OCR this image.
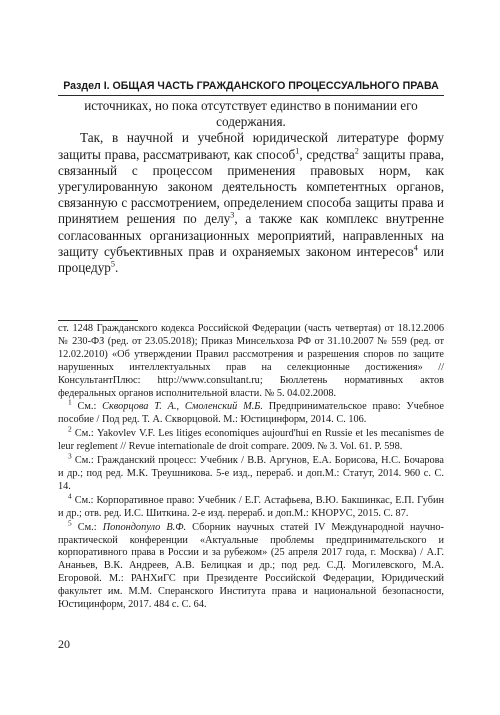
Раздел I. ОБЩАЯ ЧАСТЬ ГРАЖДАНСКОГО ПРОЦЕССУАЛЬНОГО ПРАВА

источниках, но пока отсутствует единство в понимании его содержания.

Так, в научной и учебной юридической литературе форму защиты права, рассматривают, как способ$^1$, средства$^2$ защиты права, связанный с процессом применения правовых норм, как урегулированную законом деятельность компетентных органов, связанную с рассмотрением, определением способа защиты права и принятием решения по делу$^3$, а также как комплекс внутренне согласованных организационных мероприятий, направленных на защиту субъективных прав и охраняемых законом интересов$^4$ или процедур$^5$.

ст. 1248 Гражданского кодекса Российской Федерации (часть четвертая) от 18.12.2006 № 230-ФЗ (ред. от 23.05.2018); Приказ Минсельхоза РФ от 31.10.2007 № 559 (ред. от 12.02.2010) «Об утверждении Правил рассмотрения и разрешения споров по защите нарушенных интеллектуальных прав на селекционные достижения» // КонсультантПлюс: http://www.consultant.ru; Бюллетень нормативных актов федеральных органов исполнительной власти. № 5. 04.02.2008.

$^1$ См.: Скворцова Т. А., Смоленский М.Б. Предпринимательское право: Учебное пособие / Под ред. Т. А. Скворцовой. М.: Юстицинформ, 2014. С. 106.

$^2$ См.: Yakovlev V.F. Les litiges economiques aujourd'hui en Russie et les mecanismes de leur reglement // Revue internationale de droit compare. 2009. № 3. Vol. 61. P. 598.

$^3$ См.: Гражданский процесс: Учебник / В.В. Аргунов, Е.А. Борисова, Н.С. Бочарова и др.; под ред. М.К. Треушникова. 5-е изд., перераб. и доп.М.: Статут, 2014. 960 с. С. 14.

$^4$ См.: Корпоративное право: Учебник / Е.Г. Астафьева, В.Ю. Бакшинкас, Е.П. Губин и др.; отв. ред. И.С. Шиткина. 2-е изд. перераб. и доп.М.: КНОРУС, 2015. С. 87.

$^5$ См.: Попондопуло В.Ф. Сборник научных статей IV Международной научно-практической конференции «Актуальные проблемы предпринимательского и корпоративного права в России и за рубежом» (25 апреля 2017 года, г. Москва) / А.Г. Ананьев, В.К. Андреев, А.В. Белицкая и др.; под ред. С.Д. Могилевского, М.А. Егоровой. М.: РАНХиГС при Президенте Российской Федерации, Юридический факультет им. М.М. Сперанского Института права и национальной безопасности, Юстицинформ, 2017. 484 с. С. 64.

20
